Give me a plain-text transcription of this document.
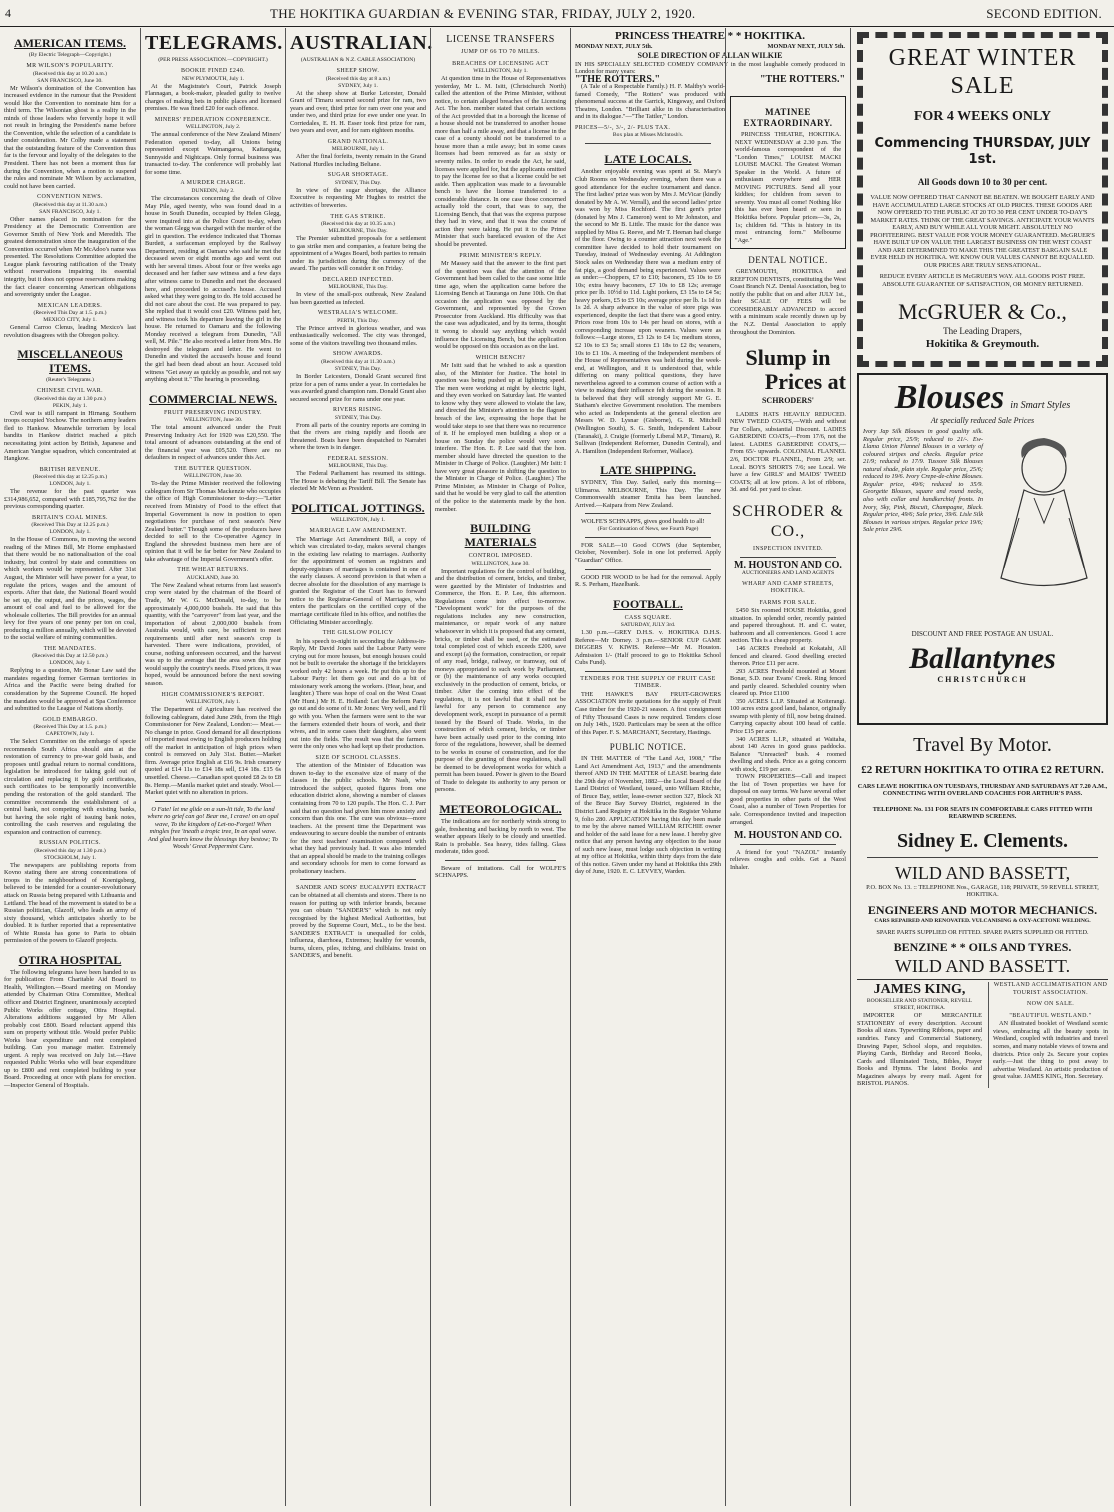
4	THE HOKITIKA GUARDIAN & EVENING STAR, FRIDAY, JULY 2, 1920.	SECOND EDITION.
AMERICAN ITEMS.
(By Electric Telegraph—Copyright.)
MR WILSON'S POPULARITY.
(Received this day at 10.20 a.m.)
SAN FRANCISCO, June 30.

Mr Wilson's domination of the Convention has increased evidence in the rumour that the President would like the Convention to nominate him for a third term. The Wilsonian ghost is a reality in the minds of those leaders who fervently hope it will not result in bringing the President's name before the Convention, while the selection of a candidate is under consideration. Mr Colby made a statement that the outstanding feature of the Convention thus far is the fervour and loyalty of the delegates to the President. There has not been a moment thus far during the Convention, when a motion to suspend the rules and nominate Mr Wilson by acclamation, could not have been carried.

CONVENTION NEWS.
(Received this day at 11.30 a.m.)
SAN FRANCISCO, July 1.

Other names placed in nomination for the Presidency at the Democratic Convention are Governor Smith of New York and Meredith. The greatest demonstration since the inauguration of the Convention occurred when Mr McAdoo's name was presented. The Resolutions Committee adopted the League plank favouring ratification of the Treaty without reservations impairing its essential integrity, but it does not oppose reservations making the fact clearer concerning American obligations and sovereignty under the League.

MEXICAN LEADERS.
(Received This Day at 1.5. p.m.)
MEXICO CITY, July 1.

General Carroo Clenus, leading Mexico's last revolution disagrees with the Obregon policy.

MISCELLANEOUS ITEMS.
(Reuter's Telegrams.)
CHINESE CIVIL WAR.
(Received this day at 1.30 p.m.)
PEKIN, July 1.

Civil war is still rampant in Hirnang. Southern troops occupied Yochow. The northern army leaders fled to Hankow. Meanwhile terrorism by local bandits in Hankow district reached a pitch necessitating joint action by British, Japanese and American Yangtse squadron, which concentrated at Hangkow.

BRITISH REVENUE.
(Received this day at 12.25 p.m.)
LONDON, July 1.

The revenue for the past quarter was £314,986,652, compared with £185,795,762 for the previous corresponding quarter.

BRITAIN'S COAL MINES.
(Received This Day at 12.25 p.m.)
LONDON, July 1.

In the House of Commons, in moving the second reading of the Mines Bill, Mr Horne emphasised that there would be no nationalisation of the coal industry, but control by state and committees on which workers would be represented. After 31st August, the Minister will have power for a year, to regulate the prices, wages and the amount of exports. After that date, the National Board would be set up, the output, and the prices, wages, the amount of coal and fuel to be allowed for the wholesale collieries. The Bill provides for an annual levy for five years of one penny per ton on coal, producing a million annually, which will be devoted to the social welfare of mining communities.

THE MANDATES.
(Received this Day at 12.50 p.m.)
LONDON, July 1.

Replying to a question, Mr Bonar Law said the mandates regarding former German territories in Africa and the Pacific were being drafted for consideration by the Supreme Council. He hoped the mandates would be approved at Spa Conference and submitted to the League of Nations shortly.

GOLD EMBARGO.
(Received This Day at 1.5. p.m.)
CAPETOWN, July 1.

The Select Committee on the embargo of specie recommends South Africa should aim at the restoration of currency to pre-war gold basis, and proposes until gradual return to normal conditions, legislation be introduced for taking gold out of circulation and replacing it by gold certificates, such certificates to be temporarily inconvertible pending the restoration of the gold standard. The committee recommends the establishment of a central bank, not competing with existing banks, but having the sole right of issuing bank notes, controlling the cash reserves and regulating the expansion and contraction of currency.

RUSSIAN POLITICS.
(Received this day at 1.30 p.m.)
STOCKHOLM, July 1.

The newspapers are publishing reports from Kovno stating there are strong concentrations of troops in the neighbourhood of Koenigsberg, believed to be intended for a counter-revolutionary attack on Russia being prepared with Lithuania and Lettland. The head of the movement is stated to be a Russian politician, Glazoff, who leads an army of sixty thousand, which anticipates shortly to be doubled. It is further reported that a representative of White Russia has gone to Paris to obtain permission of the powers to Glazoff projects.

OTIRA HOSPITAL

The following telegrams have been handed to us for publication: From Charitable Aid Board to Health, Wellington.—Board meeting on Monday attended by Chairman Otira Committee, Medical officer and District Engineer, unanimously accepted Public Works offer cottage, Otira Hospital. Alterations additions suggested by Mr Allen probably cost £800. Board reluctant append this sum on property without title. Would prefer Public Works bear expenditure and rent completed building. Can you manage matter. Extremely urgent. A reply was received on July 1st.—Have requested Public Works who will bear expenditure up to £800 and rent completed building to your Board. Proceeding at once with plans for erection.—Inspector General of Hospitals.

TELEGRAMS.
(PER PRESS ASSOCIATION.—COPYRIGHT.)
BOOKIE FINED £240.
NEW PLYMOUTH, July 1.

At the Magistrate's Court, Patrick Joseph Flannagan, a book-maker, pleaded guilty to twelve charges of making bets in public places and licensed premises. He was fined £20 for each offence.

MINERS' FEDERATION CONFERENCE.
WELLINGTON, July 2.

The annual conference of the New Zealand Miners' Federation opened to-day, all Unions being represented except Waimangaroa, Kaitangata, Sunnyside and Nightcaps. Only formal business was transacted to-day. The conference will probably last for some time.

A MURDER CHARGE.
DUNEDIN, July 2.

The circumstances concerning the death of Olive May Pile, aged twenty, who was found dead in a house in South Dunedin, occupied by Helen Glegg, were inquired into at the Police Court to-day, when the woman Glegg was charged with the murder of the girl in question. The evidence indicated that Thomas Burdett, a surfaceman employed by the Railway Department, residing at Oamaru who said he met the deceased seven or eight months ago and went out with her several times. About four or five weeks ago deceased and her father saw witness and a few days after witness came to Dunedin and met the deceased here, and proceeded to accused's house. Accused asked what they were going to do. He told accused he did not care about the cost. He was prepared to pay. She replied that it would cost £20. Witness paid her, and witness took his departure leaving the girl in the house. He returned to Oamaru and the following Monday received a telegram from Dunedin, "All well, M. Pile." He also received a letter from Mrs. He destroyed the telegram and letter. He went to Dunedin and visited the accused's house and found the girl had been dead about an hour. Accused told witness "Get away as quickly as possible, and not say anything about it." The hearing is proceeding.

COMMERCIAL NEWS.
FRUIT PRESERVING INDUSTRY.
WELLINGTON, June 30.

The total amount advanced under the Fruit Preserving Industry Act for 1920 was £20,550. The total amount of advances outstanding at the end of the financial year was £05,520. There are no defaulters in respect of advances under this Act.

THE BUTTER QUESTION.
WELLINGTON, June 30.

To-day the Prime Minister received the following cablegram from Sir Thomas Mackenzie who occupies the office of High Commissioner to-day:—"Letter received from Ministry of Food to the effect that Imperial Government is now in position to open negotiations for purchase of next season's New Zealand butter." Though some of the producers have decided to sell to the Co-operative Agency in England the shrewdest business men here are of opinion that it will be far better for New Zealand to take advantage of the Imperial Government's offer.

THE WHEAT RETURNS.
AUCKLAND, June 30.

The New Zealand wheat returns from last season's crop were stated by the chairman of the Board of Trade, Mr W. G. McDonald, to-day, to be approximately 4,000,000 bushels. He said that this quantity, with the "carryover" from last year, and the importation of about 2,000,000 bushels from Australia would, with care, be sufficient to meet requirements until after next season's crop is harvested. There were indications, provided, of course, nothing unforeseen occurred, and the harvest was up to the average that the area sown this year would supply the country's needs. Fixed prices, it was hoped, would be announced before the next sowing season.

HIGH COMMISSIONER'S REPORT.
WELLINGTON, July 1.

The Department of Agriculture has received the following cablegram, dated June 29th, from the High Commissioner for New Zealand, London:— Meat.—No change in price. Good demand for all descriptions of imported meat owing to English producers holding off the market in anticipation of high prices when control is removed on July 31st. Butter.—Market firm. Average price English at £16 9s. Irish creamery quoted at £14 11s to £14 18s sell, £14 18s. £15 6s unsettled. Cheese.—Canadian spot quoted £8 2s to £8 8s. Hemp.—Manila market quiet and steady. Wool.—Market quiet with no alteration in prices.

O Fate! let me glide on a sun-lit tide, To the land where no grief can go! Bear me, I crave! on an opal wave, To the kingdom of Let-no-Forget! When mingles free 'tneath a tropic tree, In an opal wave. And glad hearts know the blessings they bestow; To Woods' Great Peppermint Cure.

AUSTRALIAN.
(AUSTRALIAN & N.Z. CABLE ASSOCIATION)
SHEEP SHOW.
(Received this day at 8 a.m.)
SYDNEY, July 1.

At the sheep show at Burke Leicester, Donald Grant of Timaru secured second prize for ram, two years and over, third prize for ram over one year and under two, and third prize for ewe under one year. In Corriedales, E. H. H. Esser took first prize for ram, two years and over, and for ram eighteen months.

GRAND NATIONAL.
MELBOURNE, July 1.

After the final forfeits, twenty remain in the Grand National Hurdles including Beltane.

SUGAR SHORTAGE.
SYDNEY, This Day.

In view of the sugar shortage, the Alliance Executive is requesting Mr Hughes to restrict the activities of breweries.

THE GAS STRIKE.
(Received this day at 10.35 a.m.)
MELBOURNE, This Day.

The Premier submitted proposals for a settlement to gas strike men and companies, a feature being the appointment of a Wages Board, both parties to remain under its jurisdiction during the currency of the award. The parties will consider it on Friday.

DECLARED INFECTED.
MELBOURNE, This Day.

In view of the small-pox outbreak, New Zealand has been gazetted as infected.

WESTRALIA'S WELCOME.
PERTH, This Day.

The Prince arrived in glorious weather, and was enthusiastically welcomed. The city was thronged, some of the visitors travelling two thousand miles.

SHOW AWARDS.
(Received this day at 11.30 a.m.)
SYDNEY, This Day.

In Border Leicesters, Donald Grant secured first prize for a pen of rams under a year. In corriedales he was awarded grand champion ram. Donald Grant also secured second prize for rams under one year.

RIVERS RISING.
SYDNEY, This Day.

From all parts of the country reports are coming in that the rivers are rising rapidly and floods are threatened. Boats have been despatched to Narrabri where the town is in danger.

FEDERAL SESSION.
MELBOURNE, This Day.

The Federal Parliament has resumed its sittings. The House is debating the Tariff Bill. The Senate has elected Mr McVenn as President.

POLITICAL JOTTINGS.
WELLINGTON, July 1.
MARRIAGE LAW AMENDMENT.

The Marriage Act Amendment Bill, a copy of which was circulated to-day, makes several changes in the existing law relating to marriages. Authority for the appointment of women as registrars and deputy-registrars of marriages is contained in one of the early clauses. A second provision is that when a decree absolute for the dissolution of any marriage is granted the Registrar of the Court has to forward notice to the Registrar-General of Marriages, who enters the particulars on the certified copy of the marriage certificate filed in his office, and notifies the Officiating Minister accordingly.

THE GILSLOW POLICY

In his speech to-night in seconding the Address-in-Reply, Mr David Jones said the Labour Party were crying out for more houses, but enough houses could not be built to overtake the shortage if the bricklayers worked only 42 hours a week. He put this up to the Labour Party: let them go out and do a bit of missionary work among the workers. (Hear, hear, and laughter.) There was hope of coal on the West Coast (Mr Hunt.) Mr H. E. Holland: Let the Reform Party go out and do some of it. Mr Jones: Very well, and I'll go with you. When the farmers were sent to the war the farmers extended their hours of work, and their wives, and in some cases their daughters, also went out into the fields. The result was that the farmers were the only ones who had kept up their production.

SIZE OF SCHOOL CLASSES.

The attention of the Minister of Education was drawn to-day to the excessive size of many of the classes in the public schools. Mr Nash, who introduced the subject, quoted figures from one education district alone, showing a number of classes containing from 70 to 120 pupils. The Hon. C. J. Parr said that no question had given him more anxiety and concern than this one. The cure was obvious—more teachers. At the present time the Department was endeavouring to secure double the number of entrants for the next teachers' examination compared with what they had previously had. It was also intended that an appeal should be made to the training colleges and secondary schools for men to come forward as probationary teachers.

SANDER AND SONS' EUCALYPTI EXTRACT can be obtained at all chemists and stores. There is no reason for putting up with inferior brands, because you can obtain "SANDER'S" which is not only recognised by the highest Medical Authorities, but proved by the Supreme Court, McL., to be the best. SANDER'S EXTRACT is unequalled for colds, influenza, diarrhoea, Extremes; healthy for wounds, burns, ulcers, piles, itching, and chilblains. Insist on SANDER'S, and benefit.

LICENSE TRANSFERS
JUMP OF 66 TO 70 MILES.
BREACHES OF LICENSING ACT
WELLINGTON, July 1.

At question time in the House of Representatives yesterday, Mr L. M. Isitt, (Christchurch North) called the attention of the Prime Minister, without notice, to certain alleged breaches of the Licensing Act. The hon. member stated that certain sections of the Act provided that in a borough the license of a house should not be transferred to another house more than half a mile away, and that a license in the case of a county should not be transferred to a house more than a mile away; but in some cases licenses had been removed as far as sixty or seventy miles. In order to evade the Act, he said, licenses were applied for, but the applicants omitted to pay the license fee so that a license could be set aside. Then application was made to a favourable bench to have the license transferred to a considerable distance. In one case those concerned actually told the court, that was to say, the Licensing Bench, that that was the express purpose they had in view, and that it was the course of action they were taking. He put it to the Prime Minister that such barefaced evasion of the Act should be prevented.

PRIME MINISTER'S REPLY.

Mr Massey said that the answer to the first part of the question was that the attention of the Government had been called to the case some little time ago, when the application came before the Licensing Bench at Tauranga on June 10th. On that occasion the application was opposed by the Government, and represented by the Crown Prosecutor from Auckland. His difficulty was that the case was adjudicated, and by its terms, thought it wrong to should say anything which would influence the Licensing Bench, but the application would be opposed on this occasion as on the last.

WHICH BENCH?

Mr Isitt said that he wished to ask a question also, of the Minister for Justice. The hotel in question was being pushed up at lightning speed. The men were working at night by electric light, and they even worked on Saturday last. He wanted to know why they were allowed to violate the law, and directed the Minister's attention to the flagrant breach of the law, expressing the hope that he would take steps to see that there was no recurrence of it. If he employed men building a shop or a house on Sunday the police would very soon interfere. The Hon. E. P. Lee said that the hon. member should have directed the question to the Minister in Charge of Police. (Laughter.) Mr Isitt: I have very great pleasure in shifting the question to the Minister in Charge of Police. (Laughter.) The Prime Minister, as Minister in Charge of Police, said that he would be very glad to call the attention of the police to the statements made by the hon. member.

BUILDING MATERIALS
CONTROL IMPOSED.
WELLINGTON, June 30.

Important regulations for the control of building, and the distribution of cement, bricks, and timber, were gazetted by the Minister of Industries and Commerce, the Hon. E. P. Lee, this afternoon. Regulations come into effect to-morrow. "Development work" for the purposes of the regulations includes any new construction, maintenance, or repair work of any nature whatsoever in which it is proposed that any cement, bricks, or timber shall be used, or the estimated total completed cost of which exceeds £200, save and except (a) the formation, construction, or repair of any road, bridge, railway, or tramway, out of moneys appropriated to such work by Parliament, or (b) the maintenance of any works occupied exclusively in the production of cement, bricks, or timber. After the coming into effect of the regulations, it is not lawful that it shall not be lawful for any person to commence any development work, except in pursuance of a permit issued by the Board of Trade. Works, in the construction of which cement, bricks, or timber have been actually used prior to the coming into force of the regulations, however, shall be deemed to be works in course of construction, and for the purpose of the granting of these regulations, shall be deemed to be development works for which a permit has been issued. Power is given to the Board of Trade to delegate its authority to any person or persons.

METEOROLOGICAL.

The indications are for northerly winds strong to gale, freshening and backing by north to west. The weather appears likely to be cloudy and unsettled. Rain is probable. Sea heavy, tides falling. Glass moderate, tides good.

Beware of imitations. Call for WOLFE'S SCHNAPPS.

PRINCESS THEATRE * * HOKITIKA.
MONDAY NEXT, JULY 5th.	MONDAY NEXT, JULY 5th.
SOLE DIRECTION OF ALLAN WILKIE
IN HIS SPECIALLY SELECTED COMEDY COMPANY in the most laughable comedy produced in London for many years:
"THE ROTTERS."	"THE ROTTERS."

(A Tale of a Respectable Family.) H. F. Maltby's world-famed Comedy, "The Rotters" was produced with phenomenal success at the Garrick, Kingsway, and Oxford Theatres, London. "Brilliant alike in its characterisation and in its dialogue."—"The Tattler," London.

PRICES—5/-, 3/-, 2/- PLUS TAX.
Box plan at Misses McIntosh's.
LATE LOCALS.

Another enjoyable evening was spent at St. Mary's Club Rooms on Wednesday evening, when there was a good attendance for the euchre tournament and dance. The first ladies' prize was won by Mrs J. McVicar (kindly donated by Mr A. W. Verrall), and the second ladies' prize was won by Miss Rochford. The first gent's prize (donated by Mrs J. Cameron) went to Mr Johnston, and the second to Mr B. Little. The music for the dance was supplied by Miss G. Reeve, and Mr T. Heenan had charge of the floor. Owing to a counter attraction next week the committee have decided to hold their tournament on Tuesday, instead of Wednesday evening. At Addington Stock sales on Wednesday there was a medium entry of fat pigs, a good demand being experienced. Values were as under:—Choppers, £7 to £10; baconers, £5 10s to £6 10s; extra heavy baconers, £7 10s to £8 12s; average price per lb. 10½d to 11d. Light porkers, £3 15s to £4 5s; heavy porkers, £5 to £5 10s; average price per lb. 1s 1d to 1s 2d. A sharp advance in the value of store pigs was experienced, despite the fact that there was a good entry. Prices rose from 10s to 14s per head on stores, with a corresponding increase upon weaners. Values were as follows:—Large stores, £3 12s to £4 1s; medium stores, £2 10s to £3 5s; small stores £1 18s to £2 8s; weaners, 10s to £1 10s. A meeting of the Independent members of the House of Representatives was held during the week-end, at Wellington, and it is understood that, while differing on many political questions, they have nevertheless agreed to a common course of action with a view to making their influence felt during the session. It is believed that they will strongly support Mr G. E. Statham's elective Government resolution. The members who acted as Independents at the general election are Messrs W. D. Lysnar (Gisborne), G. R. Mitchell (Wellington South), S. G. Smith, Independent Labour (Taranaki), J. Craigie (formerly Liberal M.P., Timaru), R. Sullivan (Independent Reformer, Dunedin Central), and A. Hamilton (Independent Reformer, Wallace).

LATE SHIPPING.

SYDNEY, This Day. Sailed, early this morning—Ulimaroa. MELBOURNE, This Day. The new Commonwealth steamer Emita has been launched. Arrived.—Kaipara from New Zealand.

WOLFE'S SCHNAPPS, gives good health to all!

(For Continuation of News, see Fourth Page)

FOR SALE—10 Good COWS (due September, October, November). Sole in one lot preferred. Apply "Guardian" Office.

GOOD FIR WOOD to be had for the removal. Apply R. S. Perham, Hazelbank.

FOOTBALL.
CASS SQUARE.
SATURDAY, JULY 3rd.

1.30 p.m.—GREY D.H.S. v. HOKITIKA D.H.S. Referee—Mr Dorney. 3 p.m.—SENIOR CUP GAME DIGGERS V. KIWIS. Referee—Mr M. Houston. Admission 1/- (Half proceed to go to Hokitika School Cubs Fund).

TENDERS FOR THE SUPPLY OF FRUIT CASE TIMBER.

THE HAWKE'S BAY FRUIT-GROWERS ASSOCIATION invite quotations for the supply of Fruit Case timber for the 1920-21 season. A first consignment of Fifty Thousand Cases is now required. Tenders close on July 14th., 1920. Particulars may be seen at the office of this Paper. F. S. MARCHANT, Secretary, Hastings.

PUBLIC NOTICE.

IN THE MATTER of "The Land Act, 1908," "The Land Act Amendment Act, 1913," and the amendments thereof AND IN THE MATTER of LEASE bearing date the 29th day of November, 1882—the Local Board of the Land District of Westland, issued, unto William Ritchie, of Bruce Bay, settler, lease-owner section 327, Block XI of the Bruce Bay Survey District, registered in the District Land Registry at Hokitika in the Register Volume 9, folio 280. APPLICATION having this day been made to me by the above named WILLIAM RITCHIE owner and holder of the said lease for a new lease. I hereby give notice that any person having any objection to the issue of such new lease, must lodge such objection in writing at my office at Hokitika, within thirty days from the date of this notice. Given under my hand at Hokitika this 29th day of June, 1920. E. C. LEVVEY, Warden.

MATINEE EXTRAORDINARY.

PRINCESS THEATRE, HOKITIKA. NEXT WEDNESDAY at 2.30 p.m. The world-famous correspondent of the "London Times," LOUISE MACKI LOUISE MACKI. The Greatest Woman Speaker in the World. A future of enthusiasm everywhere and HER MOVING PICTURES. Send all your kiddies; for children from seven to seventy. You must all come! Nothing like this has ever been heard or seen in Hokitika before. Popular prices—3s, 2s, 1s; children 6d. "This is history in its most entrancing form." Melbourne "Age."

DENTAL NOTICE.

GREYMOUTH, HOKITIKA and REEFTON DENTISTS, constituting the West Coast Branch N.Z. Dental Association, beg to notify the public that on and after JULY 1st., their SCALE OF FEES will be CONSIDERABLY ADVANCED to accord with a minimum scale recently drawn up by the N.Z. Dental Association to apply throughout the Dominion.

Slump in
Prices at
SCHRODERS'

LADIES HATS HEAVILY REDUCED. NEW TWEED COATS,—With and without Fur Collars, substantial Discount. LADIES GABERDINE COATS,—From 17/6, not the latest. LADIES GABERDINE COATS,—From 65/- upwards. COLONIAL FLANNEL 2/6, DOCTOR FLANNEL, From 2/9; ser. Local. BOYS SHORTS 7/6; see Local. We have a few GIRLS' and MAIDS' TWEED COATS; all at low prices. A lot of ribbons, 3d. and 6d. per yard to clear.

SCHRODER & CO.,
INSPECTION INVITED.
M. HOUSTON AND CO.
AUCTIONEERS AND LAND AGENTS
WHARF AND CAMP STREETS, HOKITIKA.
FARMS FOR SALE.

£450 Six roomed HOUSE Hokitika, good situation. In splendid order, recently painted and papered throughout. H. and C. water, bathroom and all conveniences. Good 1 acre section. This is a cheap property.

146 ACRES Freehold at Kokatahi, All fenced and cleared. Good dwelling erected thereon. Price £11 per acre.

293 ACRES Freehold mounted at Mount Bonar, S.D. near Evans' Creek. Ring fenced and partly cleared. Scheduled country when cleared up. Price £1100

350 ACRES L.I.P. Situated at Koiterangi. 100 acres extra good land, balance, originally swamp with plenty of fill, now being drained. Carrying capacity about 100 head of cattle. Price £15 per acre.

340 ACRES L.I.P., situated at Waitaha, about 140 Acres in good grass paddocks. Balance "Unreacted" bush. 4 roomed dwelling and sheds. Price as a going concern with stock, £19 per acre.

TOWN PROPERTIES—Call and inspect the list of Town properties we have for disposal on easy terms. We have several other good properties in other parts of the West Coast, also a number of Town Properties for sale. Correspondence invited and inspection arranged.

M. HOUSTON AND CO.

A friend for you! "NAZOL" instantly relieves coughs and colds. Get a Nazol Inhaler.

GREAT WINTER SALE
FOR 4 WEEKS ONLY
Commencing THURSDAY, JULY 1st.
All Goods down 10 to 30 per cent.

VALUE NOW OFFERED THAT CANNOT BE BEATEN. WE BOUGHT EARLY AND HAVE ACCUMULATED LARGE STOCKS AT OLD PRICES. THESE GOODS ARE NOW OFFERED TO THE PUBLIC AT 20 TO 30 PER CENT UNDER TO-DAY'S MARKET RATES. THINK OF THE GREAT SAVINGS. ANTICIPATE YOUR WANTS EARLY, AND BUY WHILE ALL YOUR MIGHT. ABSOLUTELY NO PROFITEERING. BEST VALUE FOR YOUR MONEY GUARANTEED. McGRUER'S HAVE BUILT UP ON VALUE THE LARGEST BUSINESS ON THE WEST COAST AND ARE DETERMINED TO MAKE THIS THE GREATEST BARGAIN SALE EVER HELD IN HOKITIKA. WE KNOW OUR VALUES CANNOT BE EQUALLED. OUR PRICES ARE TRULY SENSATIONAL.

REDUCE EVERY ARTICLE IS McGRUER'S WAY. ALL GOODS POST FREE. ABSOLUTE GUARANTEE OF SATISFACTION, OR MONEY RETURNED.

McGRUER & Co.,
The Leading Drapers,
Hokitika & Greymouth.
Blouses in Smart Styles
At specially reduced Sale Prices

Ivory Jap Silk Blouses in good quality silk. Regular price, 25/9; reduced to 21/-. Ew-Llama Union Flannel Blouses in a variety of coloured stripes and checks. Regular price 21/9; reduced to 17/9. Tussore Silk Blouses natural shade, plain style. Regular price, 25/6; reduced to 19/6. Ivory Crepe-de-chine Blouses. Regular price, 49/6; reduced to 35/9. Georgette Blouses, square and round necks, also with collar and handkerchief fronts. In Ivory, Sky, Pink, Biscuit, Champagne, Black. Regular price, 49/6; Sale price, 39/6. Lisle Silk Blouses in various stripes. Regular price 19/6; Sale price 29/6.

DISCOUNT AND FREE POSTAGE AN USUAL.
Ballantynes
CHRISTCHURCH
Travel By Motor.
£2 RETURN HOKITIKA TO OTIRA £2 RETURN.

CARS LEAVE HOKITIKA ON TUESDAYS, THURSDAY AND SATURDAYS AT 7.20 A.M., CONNECTING WITH OVERLAND COACHES FOR ARTHUR'S PASS.

TELEPHONE No. 131 FOR SEATS IN COMFORTABLE CARS FITTED WITH REARWIND SCREENS.

Sidney E. Clements.
WILD AND BASSETT,

P.O. BOX No. 13. :: TELEPHONE Nos., GARAGE, 118; PRIVATE, 59 REVELL STREET, HOKITIKA.

ENGINEERS AND MOTOR MECHANICS.
CARS REPAIRED AND RENOVATED. VULCANISING & OXY-ACETONE WELDING.

SPARE PARTS SUPPLIED OR FITTED. SPARE PARTS SUPPLIED OR FITTED.

BENZINE * * OILS AND TYRES.
WILD AND BASSETT.
JAMES KING,
BOOKSELLER AND STATIONER, REVELL STREET, HOKITIKA.

IMPORTER OF MERCANTILE STATIONERY of every description. Account Books all sizes. Typewriting Ribbons, paper and sundries. Fancy and Commercial Stationery, Drawing Paper, School slops, and requisites. Playing Cards, Birthday and Record Books, Cards and Illuminated Texts, Bibles, Prayer Books and Hymns. The latest Books and Magazines always by every mail. Agent for BRISTOL PIANOS.

WESTLAND ACCLIMATISATION AND TOURIST ASSOCIATION.
NOW ON SALE.
"BEAUTIFUL WESTLAND."

AN illustrated booklet of Westland scenic views, embracing all the beauty spots in Westland, coupled with industries and travel scenes, and many notable views of towns and districts. Price only 2s. Secure your copies early.—Just the thing to post away to advertise Westland. An artistic production of great value. JAMES KING, Hon. Secretary.
